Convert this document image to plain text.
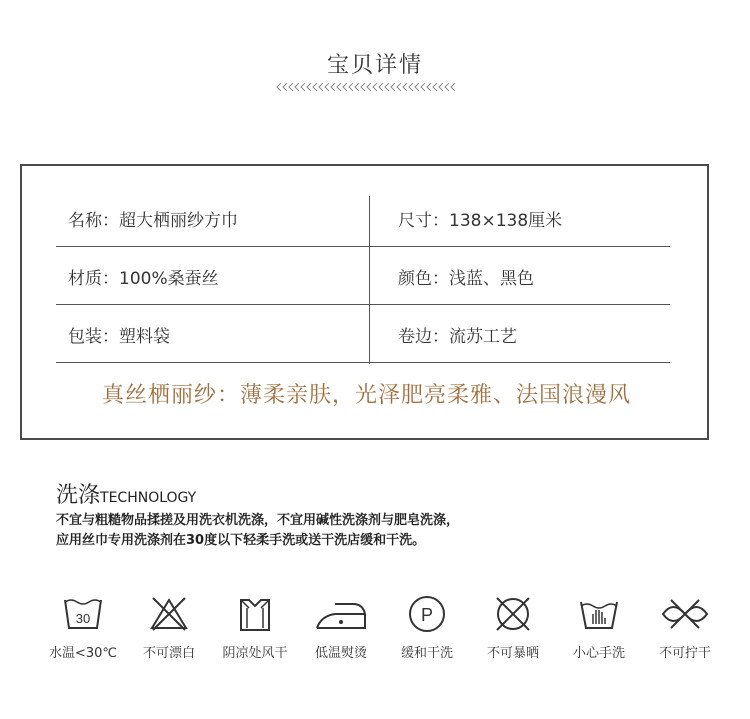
宝贝详情
名称：超大栖丽纱方巾	尺寸：138×138厘米
材质：100%桑蚕丝	颜色：浅蓝、黑色
包装：塑料袋	卷边：流苏工艺
真丝栖丽纱：薄柔亲肤，光泽肥亮柔雅、法国浪漫风
洗涤TECHNOLOGY
不宜与粗糙物品揉搓及用洗衣机洗涤，不宜用碱性洗涤剂与肥皂洗涤，
应用丝巾专用洗涤剂在30度以下轻柔手洗或送干洗店缓和干洗。
30
水温<30℃	不可漂白	阴凉处风干	低温熨烫
P
缓和干洗	不可暴晒	小心手洗	不可拧干
